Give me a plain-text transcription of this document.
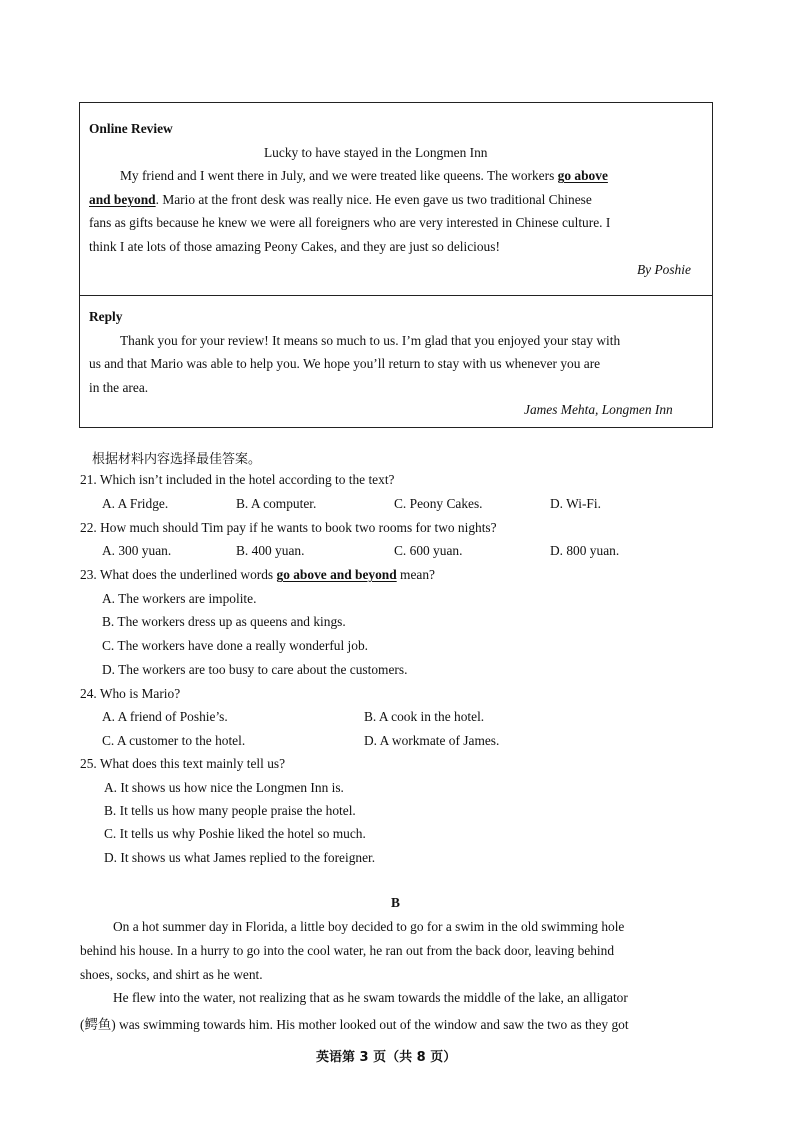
Online Review
Lucky to have stayed in the Longmen Inn
My friend and I went there in July, and we were treated like queens. The workers go above
and beyond. Mario at the front desk was really nice. He even gave us two traditional Chinese
fans as gifts because he knew we were all foreigners who are very interested in Chinese culture. I
think I ate lots of those amazing Peony Cakes, and they are just so delicious!
By Poshie
Reply
Thank you for your review! It means so much to us. I’m glad that you enjoyed your stay with
us and that Mario was able to help you. We hope you’ll return to stay with us whenever you are
in the area.
James Mehta, Longmen Inn
根据材料内容选择最佳答案。
21. Which isn’t included in the hotel according to the text?
A. A Fridge.	B. A computer.	C. Peony Cakes.	D. Wi-Fi.
22. How much should Tim pay if he wants to book two rooms for two nights?
A. 300 yuan.	B. 400 yuan.	C. 600 yuan.	D. 800 yuan.
23. What does the underlined words go above and beyond mean?
A. The workers are impolite.
B. The workers dress up as queens and kings.
C. The workers have done a really wonderful job.
D. The workers are too busy to care about the customers.
24. Who is Mario?
A. A friend of Poshie’s.	B. A cook in the hotel.
C. A customer to the hotel.	D. A workmate of James.
25. What does this text mainly tell us?
A. It shows us how nice the Longmen Inn is.
B. It tells us how many people praise the hotel.
C. It tells us why Poshie liked the hotel so much.
D. It shows us what James replied to the foreigner.
B
On a hot summer day in Florida, a little boy decided to go for a swim in the old swimming hole
behind his house. In a hurry to go into the cool water, he ran out from the back door, leaving behind
shoes, socks, and shirt as he went.
He flew into the water, not realizing that as he swam towards the middle of the lake, an alligator
(鳄鱼) was swimming towards him. His mother looked out of the window and saw the two as they got
英语第 3 页（共 8 页）
